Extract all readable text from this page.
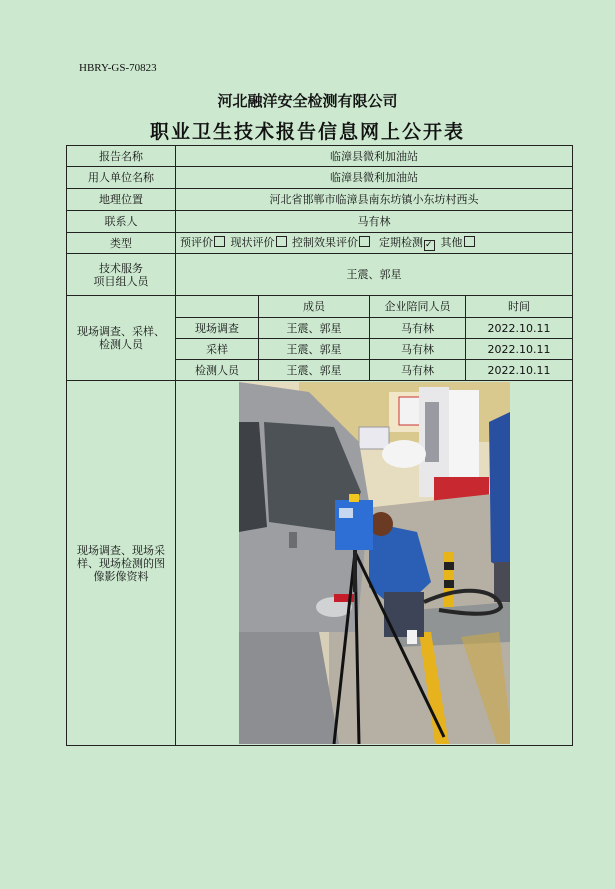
HBRY-GS-70823
河北融洋安全检测有限公司
职业卫生技术报告信息网上公开表
报告名称	临漳县微利加油站			
用人单位名称	临漳县微利加油站			
地理位置	河北省邯郸市临漳县南东坊镇小东坊村西头			
联系人	马有林			
类型	预评价 现状评价 控制效果评价 定期检测 ✓ 其他			

技术服务
项目组人员	王震、郭星			

现场调查、采样、
检测人员		成员	企业陪同人员	时间
	现场调查	王震、郭星	马有林	2022.10.11
	采样	王震、郭星	马有林	2022.10.11
	检测人员	王震、郭星	马有林	2022.10.11

现场调查、现场采
样、现场检测的图
像影像资料
